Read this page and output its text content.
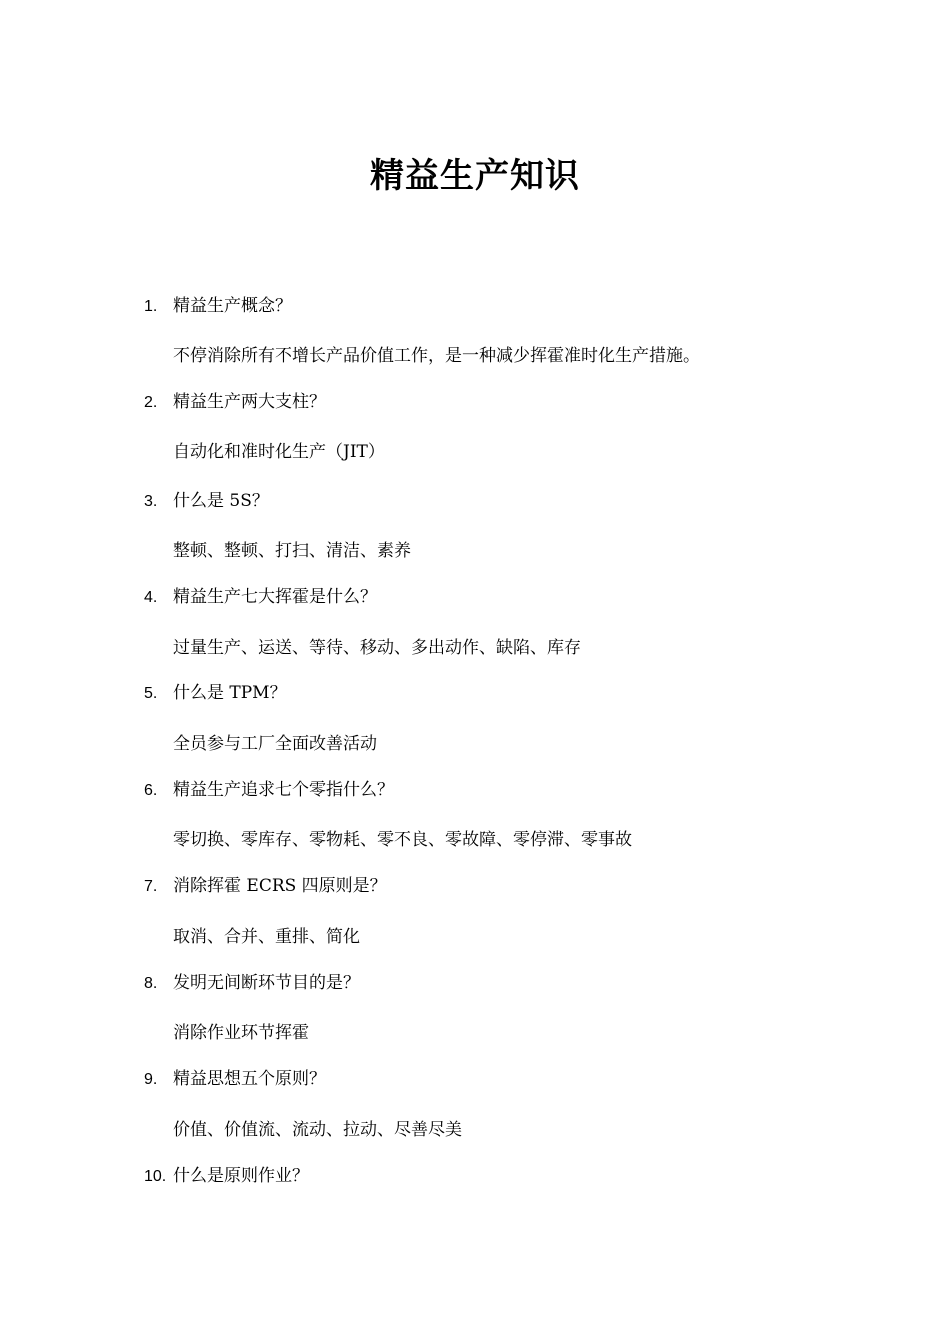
精益生产知识
1. 精益生产概念？
不停消除所有不增长产品价值工作，是一种减少挥霍准时化生产措施。
2. 精益生产两大支柱？
自动化和准时化生产（JIT）
3. 什么是 5S？
整顿、整顿、打扫、清洁、素养
4. 精益生产七大挥霍是什么？
过量生产、运送、等待、移动、多出动作、缺陷、库存
5. 什么是 TPM？
全员参与工厂全面改善活动
6. 精益生产追求七个零指什么？
零切换、零库存、零物耗、零不良、零故障、零停滞、零事故
7. 消除挥霍 ECRS 四原则是？
取消、合并、重排、简化
8. 发明无间断环节目的是？
消除作业环节挥霍
9. 精益思想五个原则？
价值、价值流、流动、拉动、尽善尽美
10. 什么是原则作业？
